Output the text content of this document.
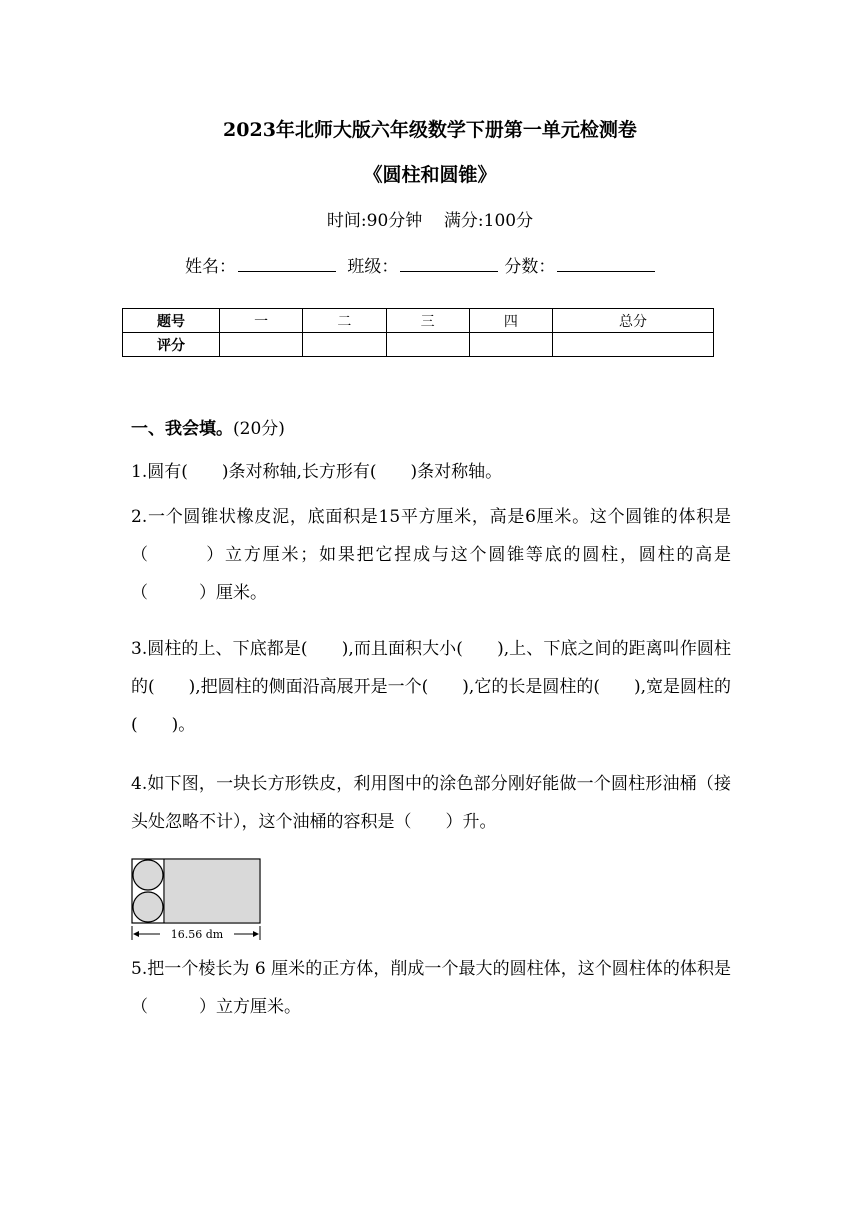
2023年北师大版六年级数学下册第一单元检测卷
《圆柱和圆锥》
时间:90分钟    满分:100分
姓名：	班级：	分数：
题号	一	二	三	四	总分
评分					
一、我会填。(20分)
1.圆有(　　)条对称轴,长方形有(　　)条对称轴。
2.一个圆锥状橡皮泥，底面积是15平方厘米，高是6厘米。这个圆锥的体积是（　　　）立方厘米；如果把它捏成与这个圆锥等底的圆柱，圆柱的高是（　　　）厘米。
3.圆柱的上、下底都是(　　),而且面积大小(　　),上、下底之间的距离叫作圆柱的(　　),把圆柱的侧面沿高展开是一个(　　),它的长是圆柱的(　　),宽是圆柱的(　　)。
4.如下图，一块长方形铁皮，利用图中的涂色部分刚好能做一个圆柱形油桶（接头处忽略不计），这个油桶的容积是（　　）升。
16.56 dm
5.把一个棱长为 6 厘米的正方体，削成一个最大的圆柱体，这个圆柱体的体积是（　　　）立方厘米。
